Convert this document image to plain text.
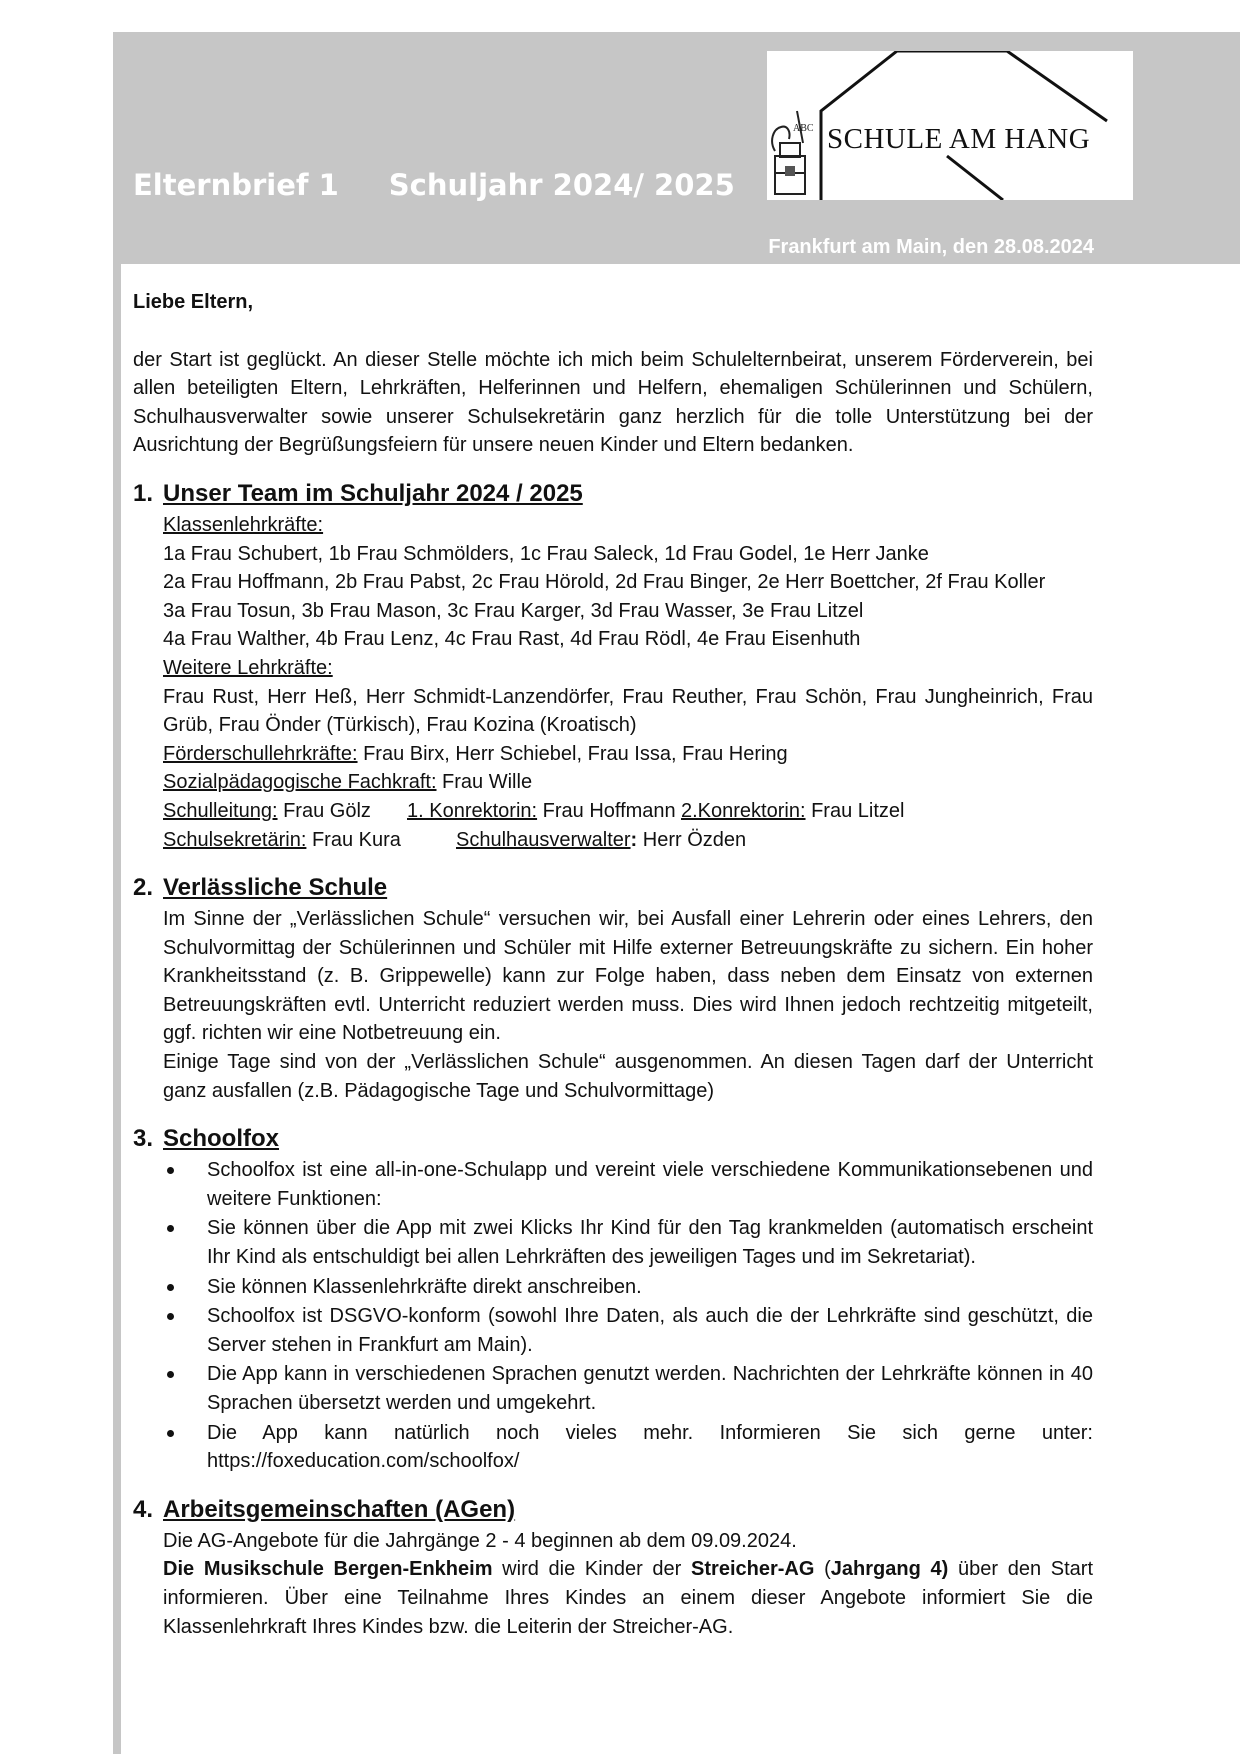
Elternbrief 1 Schuljahr 2024/ 2025
Frankfurt am Main, den 28.08.2024
ABC SCHULE AM HANG

Liebe Eltern,

der Start ist geglückt. An dieser Stelle möchte ich mich beim Schulelternbeirat, unserem Förderverein, bei allen beteiligten Eltern, Lehrkräften, Helferinnen und Helfern, ehemaligen Schülerinnen und Schülern, Schulhausverwalter sowie unserer Schulsekretärin ganz herzlich für die tolle Unterstützung bei der Ausrichtung der Begrüßungsfeiern für unsere neuen Kinder und Eltern bedanken.

1. Unser Team im Schuljahr 2024 / 2025
Klassenlehrkräfte:
1a Frau Schubert, 1b Frau Schmölders, 1c Frau Saleck, 1d Frau Godel, 1e Herr Janke
2a Frau Hoffmann, 2b Frau Pabst, 2c Frau Hörold, 2d Frau Binger, 2e Herr Boettcher, 2f Frau Koller
3a Frau Tosun, 3b Frau Mason, 3c Frau Karger, 3d Frau Wasser, 3e Frau Litzel
4a Frau Walther, 4b Frau Lenz, 4c Frau Rast, 4d Frau Rödl, 4e Frau Eisenhuth
Weitere Lehrkräfte:
Frau Rust, Herr Heß, Herr Schmidt-Lanzendörfer, Frau Reuther, Frau Schön, Frau Jungheinrich, Frau Grüb, Frau Önder (Türkisch), Frau Kozina (Kroatisch)
Förderschullehrkräfte: Frau Birx, Herr Schiebel, Frau Issa, Frau Hering
Sozialpädagogische Fachkraft: Frau Wille
Schulleitung: Frau Gölz 1. Konrektorin: Frau Hoffmann 2.Konrektorin: Frau Litzel
Schulsekretärin: Frau Kura	Schulhausverwalter: Herr Özden
2. Verlässliche Schule

Im Sinne der „Verlässlichen Schule“ versuchen wir, bei Ausfall einer Lehrerin oder eines Lehrers, den Schulvormittag der Schülerinnen und Schüler mit Hilfe externer Betreuungskräfte zu sichern. Ein hoher Krankheitsstand (z. B. Grippewelle) kann zur Folge haben, dass neben dem Einsatz von externen Betreuungskräften evtl. Unterricht reduziert werden muss. Dies wird Ihnen jedoch rechtzeitig mitgeteilt, ggf. richten wir eine Notbetreuung ein.

Einige Tage sind von der „Verlässlichen Schule“ ausgenommen. An diesen Tagen darf der Unterricht ganz ausfallen (z.B. Pädagogische Tage und Schulvormittage)

3. Schoolfox
Schoolfox ist eine all-in-one-Schulapp und vereint viele verschiedene Kommunikationsebenen und weitere Funktionen:
Sie können über die App mit zwei Klicks Ihr Kind für den Tag krankmelden (automatisch erscheint Ihr Kind als entschuldigt bei allen Lehrkräften des jeweiligen Tages und im Sekretariat).
Sie können Klassenlehrkräfte direkt anschreiben.
Schoolfox ist DSGVO-konform (sowohl Ihre Daten, als auch die der Lehrkräfte sind geschützt, die Server stehen in Frankfurt am Main).
Die App kann in verschiedenen Sprachen genutzt werden. Nachrichten der Lehrkräfte können in 40 Sprachen übersetzt werden und umgekehrt.
Die App kann natürlich noch vieles mehr. Informieren Sie sich gerne unter: https://foxeducation.com/schoolfox/
4. Arbeitsgemeinschaften (AGen)

Die AG-Angebote für die Jahrgänge 2 - 4 beginnen ab dem 09.09.2024.

Die Musikschule Bergen-Enkheim wird die Kinder der Streicher-AG (Jahrgang 4) über den Start informieren. Über eine Teilnahme Ihres Kindes an einem dieser Angebote informiert Sie die Klassenlehrkraft Ihres Kindes bzw. die Leiterin der Streicher-AG.
